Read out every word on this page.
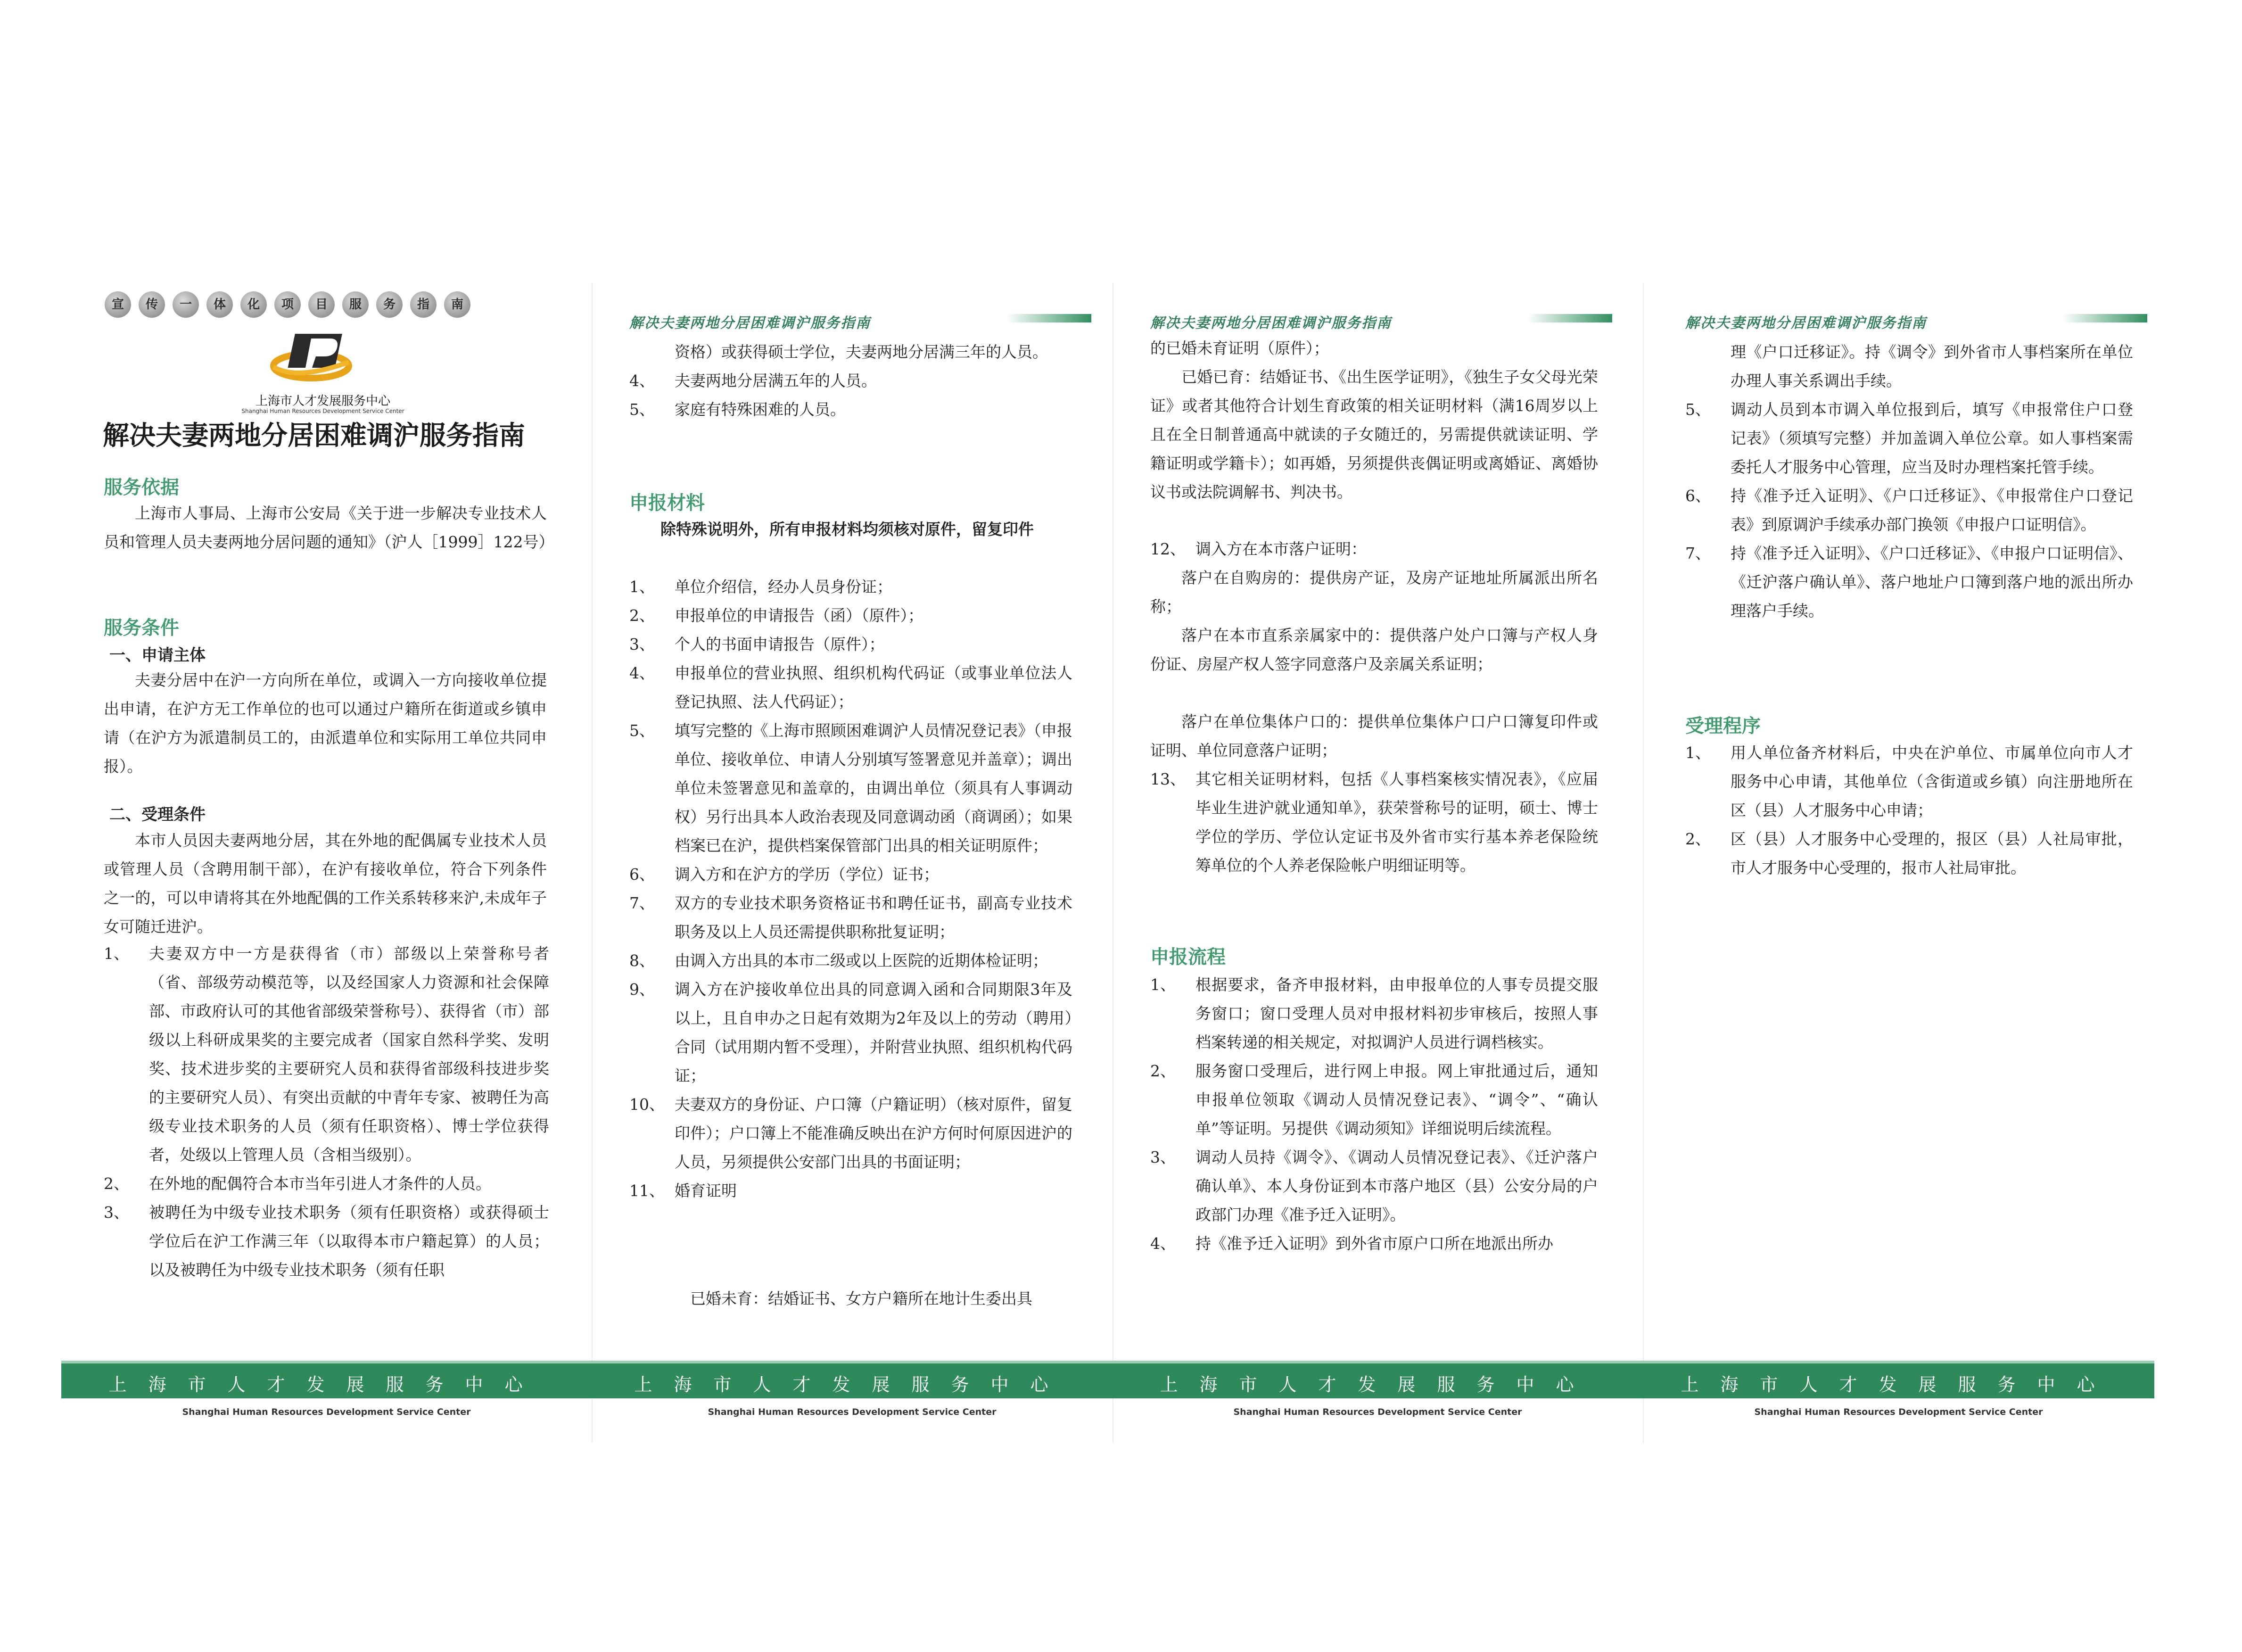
宣	传	一	体	化	项	目	服	务	指	南
上海市人才发展服务中心
Shanghai Human Resources Development Service Center
解决夫妻两地分居困难调沪服务指南
服务依据
上海市人事局、上海市公安局《关于进一步解决专业技术人员和管理人员夫妻两地分居问题的通知》（沪人［1999］122号）
服务条件
一、申请主体
夫妻分居中在沪一方向所在单位，或调入一方向接收单位提出申请，在沪方无工作单位的也可以通过户籍所在街道或乡镇申请（在沪方为派遣制员工的，由派遣单位和实际用工单位共同申报）。
二、受理条件
本市人员因夫妻两地分居，其在外地的配偶属专业技术人员或管理人员（含聘用制干部），在沪有接收单位，符合下列条件之一的，可以申请将其在外地配偶的工作关系转移来沪,未成年子女可随迁进沪。
1、 夫妻双方中一方是获得省（市）部级以上荣誉称号者（省、部级劳动模范等，以及经国家人力资源和社会保障部、市政府认可的其他省部级荣誉称号）、获得省（市）部级以上科研成果奖的主要完成者（国家自然科学奖、发明奖、技术进步奖的主要研究人员和获得省部级科技进步奖的主要研究人员）、有突出贡献的中青年专家、被聘任为高级专业技术职务的人员（须有任职资格）、博士学位获得者，处级以上管理人员（含相当级别）。
2、 在外地的配偶符合本市当年引进人才条件的人员。
3、 被聘任为中级专业技术职务（须有任职资格）或获得硕士学位后在沪工作满三年（以取得本市户籍起算）的人员；以及被聘任为中级专业技术职务（须有任职
上海市人才发展服务中心
Shanghai Human Resources Development Service Center
解决夫妻两地分居困难调沪服务指南
资格）或获得硕士学位，夫妻两地分居满三年的人员。
4、 夫妻两地分居满五年的人员。
5、 家庭有特殊困难的人员。
申报材料
除特殊说明外，所有申报材料均须核对原件，留复印件
1、 单位介绍信，经办人员身份证；
2、 申报单位的申请报告（函）（原件）；
3、 个人的书面申请报告（原件）；
4、 申报单位的营业执照、组织机构代码证（或事业单位法人登记执照、法人代码证）；
5、 填写完整的《上海市照顾困难调沪人员情况登记表》（申报单位、接收单位、申请人分别填写签署意见并盖章）；调出单位未签署意见和盖章的，由调出单位（须具有人事调动权）另行出具本人政治表现及同意调动函（商调函）；如果档案已在沪，提供档案保管部门出具的相关证明原件；
6、 调入方和在沪方的学历（学位）证书；
7、 双方的专业技术职务资格证书和聘任证书，副高专业技术职务及以上人员还需提供职称批复证明；
8、 由调入方出具的本市二级或以上医院的近期体检证明；
9、 调入方在沪接收单位出具的同意调入函和合同期限3年及以上，且自申办之日起有效期为2年及以上的劳动（聘用）合同（试用期内暂不受理），并附营业执照、组织机构代码证；
10、 夫妻双方的身份证、户口簿（户籍证明）（核对原件，留复印件）；户口簿上不能准确反映出在沪方何时何原因进沪的人员，另须提供公安部门出具的书面证明；
11、 婚育证明
已婚未育：结婚证书、女方户籍所在地计生委出具
上海市人才发展服务中心
Shanghai Human Resources Development Service Center
解决夫妻两地分居困难调沪服务指南
的已婚未育证明（原件）；
已婚已育：结婚证书、《出生医学证明》，《独生子女父母光荣证》或者其他符合计划生育政策的相关证明材料（满16周岁以上且在全日制普通高中就读的子女随迁的，另需提供就读证明、学籍证明或学籍卡）；如再婚，另须提供丧偶证明或离婚证、离婚协议书或法院调解书、判决书。
12、 调入方在本市落户证明：
落户在自购房的：提供房产证，及房产证地址所属派出所名称；
落户在本市直系亲属家中的：提供落户处户口簿与产权人身份证、房屋产权人签字同意落户及亲属关系证明；
落户在单位集体户口的：提供单位集体户口户口簿复印件或证明、单位同意落户证明；
13、 其它相关证明材料，包括《人事档案核实情况表》，《应届毕业生进沪就业通知单》，获荣誉称号的证明，硕士、博士学位的学历、学位认定证书及外省市实行基本养老保险统筹单位的个人养老保险帐户明细证明等。
申报流程
1、 根据要求，备齐申报材料，由申报单位的人事专员提交服务窗口；窗口受理人员对申报材料初步审核后，按照人事档案转递的相关规定，对拟调沪人员进行调档核实。
2、 服务窗口受理后，进行网上申报。网上审批通过后，通知申报单位领取《调动人员情况登记表》、“调令”、“确认单”等证明。另提供《调动须知》详细说明后续流程。
3、 调动人员持《调令》、《调动人员情况登记表》、《迁沪落户确认单》、本人身份证到本市落户地区（县）公安分局的户政部门办理《准予迁入证明》。
4、 持《准予迁入证明》到外省市原户口所在地派出所办
上海市人才发展服务中心
Shanghai Human Resources Development Service Center
解决夫妻两地分居困难调沪服务指南
理《户口迁移证》。持《调令》到外省市人事档案所在单位办理人事关系调出手续。
5、 调动人员到本市调入单位报到后，填写《申报常住户口登记表》（须填写完整）并加盖调入单位公章。如人事档案需委托人才服务中心管理，应当及时办理档案托管手续。
6、 持《准予迁入证明》、《户口迁移证》、《申报常住户口登记表》到原调沪手续承办部门换领《申报户口证明信》。
7、 持《准予迁入证明》、《户口迁移证》、《申报户口证明信》、《迁沪落户确认单》、落户地址户口簿到落户地的派出所办理落户手续。
受理程序
1、 用人单位备齐材料后，中央在沪单位、市属单位向市人才服务中心申请，其他单位（含街道或乡镇）向注册地所在区（县）人才服务中心申请；
2、 区（县）人才服务中心受理的，报区（县）人社局审批，市人才服务中心受理的，报市人社局审批。
上海市人才发展服务中心
Shanghai Human Resources Development Service Center
